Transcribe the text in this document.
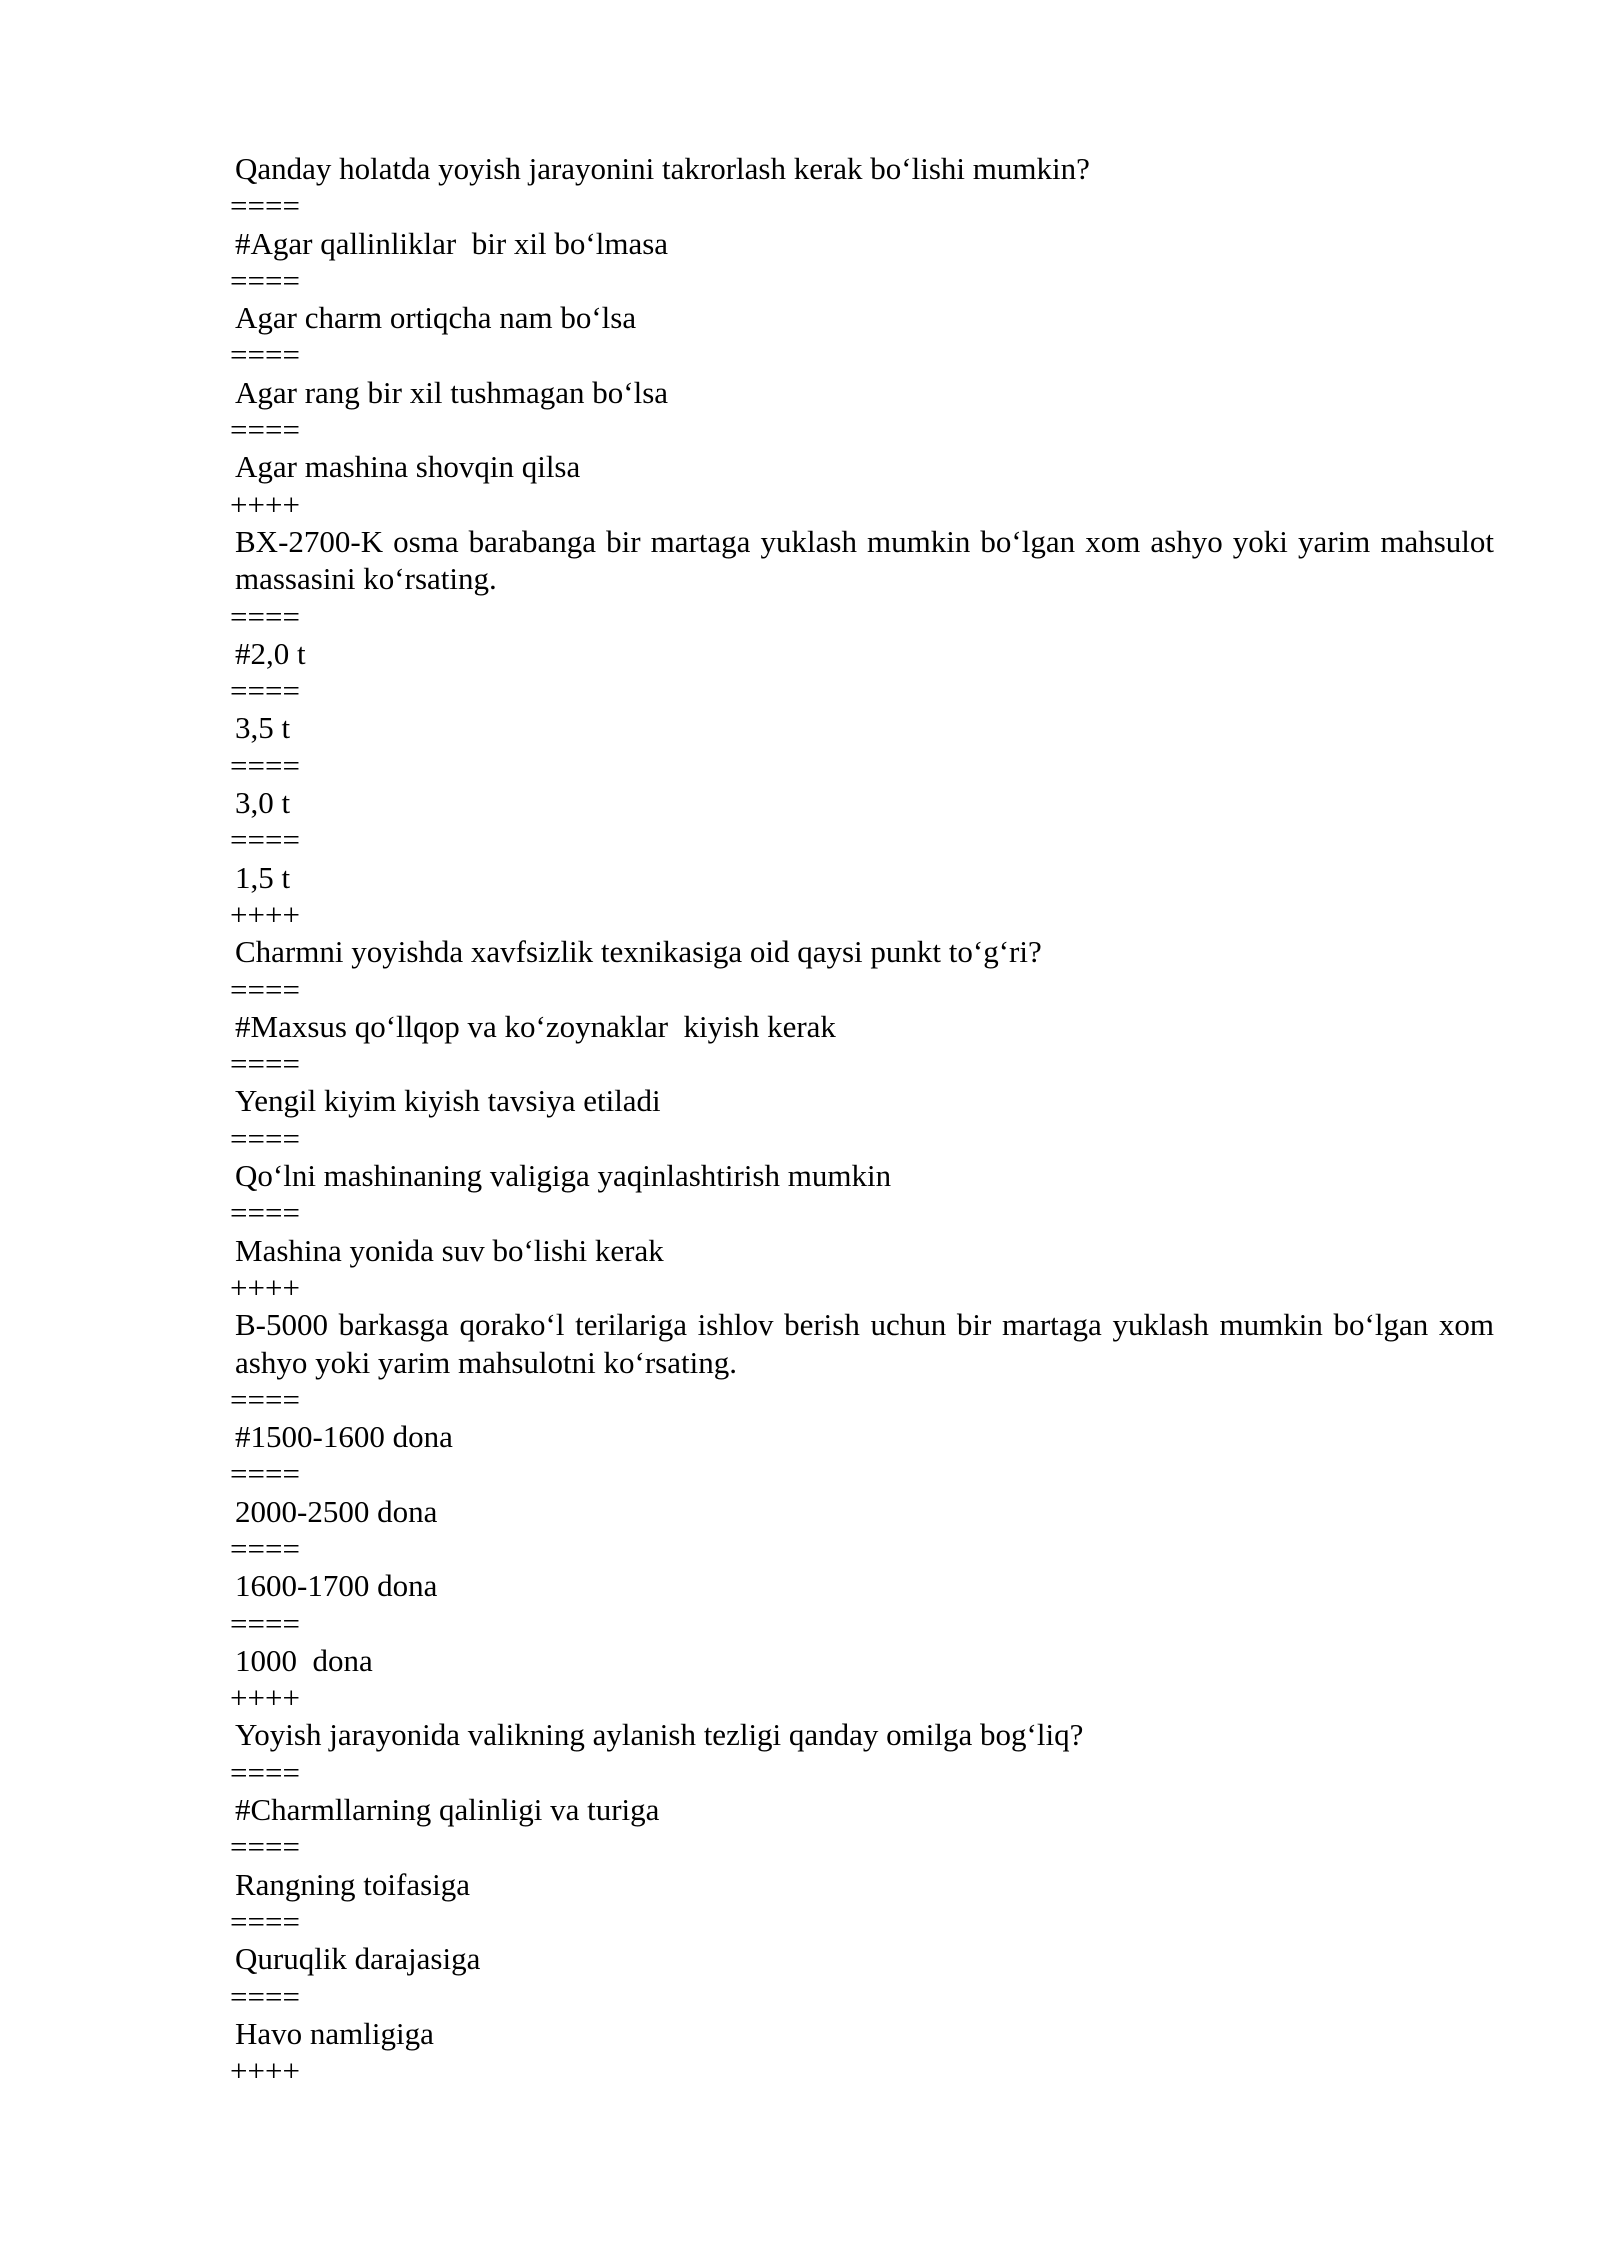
Qanday holatda yoyish jarayonini takrorlash kerak boʻlishi mumkin?

====

#Agar qallinliklar  bir xil boʻlmasa

====

Agar charm ortiqcha nam boʻlsa

====

Agar rang bir xil tushmagan boʻlsa

====

Agar mashina shovqin qilsa

++++

BX-2700-K osma barabanga bir martaga yuklash mumkin boʻlgan xom ashyo yoki yarim mahsulot massasini koʻrsating.

====

#2,0 t

====

3,5 t

====

3,0 t

====

1,5 t

++++

Charmni yoyishda xavfsizlik texnikasiga oid qaysi punkt toʻgʻri?

====

#Maxsus qoʻllqop va koʻzoynaklar  kiyish kerak

====

Yengil kiyim kiyish tavsiya etiladi

====

Qoʻlni mashinaning valigiga yaqinlashtirish mumkin

====

Mashina yonida suv boʻlishi kerak

++++

B-5000 barkasga qorakoʻl terilariga ishlov berish uchun bir martaga yuklash mumkin boʻlgan xom ashyo yoki yarim mahsulotni koʻrsating.

====

#1500-1600 dona

====

2000-2500 dona

====

1600-1700 dona

====

1000  dona

++++

Yoyish jarayonida valikning aylanish tezligi qanday omilga bogʻliq?

====

#Charmllarning qalinligi va turiga

====

Rangning toifasiga

====

Quruqlik darajasiga

====

Havo namligiga

++++
